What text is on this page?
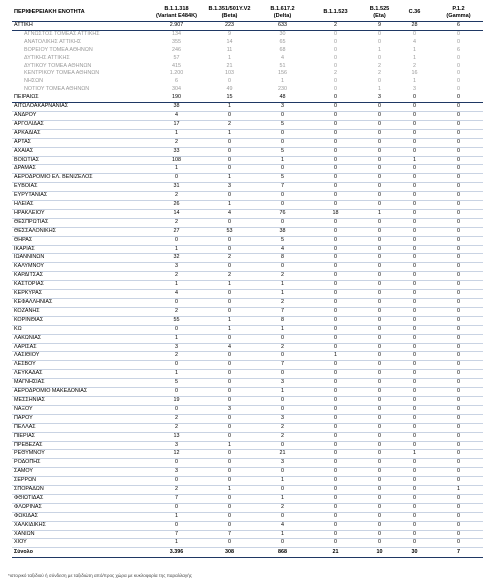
ΠΕΡΙΦΕΡΕΙΑΚΗ ΕΝΟΤΗΤΑ	B.1.1.318
(Variant E484K)	B.1.351/501Y.V2
(Beta)	B.1.617.2
(Delta)	B.1.1.523	B.1.525
(Eta)	C.36	P.1.2
(Gamma)

ΑΤΤΙΚΗ	2.907	223	633	2	9	28	6
ΑΓΝΩΣΤΟΣ ΤΟΜΕΑΣ ΑΤΤΙΚΗΣ	134	9	30	0	0	0	0
ΑΝΑΤΟΛΙΚΗΣ ΑΤΤΙΚΗΣ	355	14	65	0	0	4	0
ΒΟΡΕΙΟΥ ΤΟΜΕΑ ΑΘΗΝΩΝ	246	11	68	0	1	1	6
ΔΥΤΙΚΗΣ ΑΤΤΙΚΗΣ	57	1	4	0	0	1	0
ΔΥΤΙΚΟΥ ΤΟΜΕΑ ΑΘΗΝΩΝ	415	21	51	0	2	2	0
ΚΕΝΤΡΙΚΟΥ ΤΟΜΕΑ ΑΘΗΝΩΝ	1.200	103	156	2	2	16	0
ΝΗΣΩΝ	6	0	1	0	0	1	0
ΝΟΤΙΟΥ ΤΟΜΕΑ ΑΘΗΝΩΝ	304	49	230	0	1	3	0
ΠΕΙΡΑΙΩΣ	190	15	48	0	3	0	0
ΑΙΤΩΛΟΑΚΑΡΝΑΝΙΑΣ	38	1	3	0	0	0	0
ΑΝΔΡΟΥ	4	0	0	0	0	0	0
ΑΡΓΟΛΙΔΑΣ	17	2	5	0	0	0	0
ΑΡΚΑΔΙΑΣ	1	1	0	0	0	0	0
ΑΡΤΑΣ	2	0	0	0	0	0	0
ΑΧΑΪΑΣ	33	0	5	0	0	0	0
ΒΟΙΩΤΙΑΣ	108	0	1	0	0	1	0
ΔΡΑΜΑΣ	1	0	0	0	0	0	0
ΑΕΡΟΔΡΟΜΙΟ ΕΛ. ΒΕΝΙΖΕΛΟΣ	0	1	5	0	0	0	0
ΕΥΒΟΙΑΣ	31	3	7	0	0	0	0
ΕΥΡΥΤΑΝΙΑΣ	2	0	0	0	0	0	0
ΗΛΕΙΑΣ	26	1	0	0	0	0	0
ΗΡΑΚΛΕΙΟΥ	14	4	76	18	1	0	0
ΘΕΣΠΡΩΤΙΑΣ	2	0	0	0	0	0	0
ΘΕΣΣΑΛΟΝΙΚΗΣ	27	53	38	0	0	0	0
ΘΗΡΑΣ	0	0	5	0	0	0	0
ΙΚΑΡΙΑΣ	1	0	4	0	0	0	0
ΙΩΑΝΝΙΝΩΝ	32	2	8	0	0	0	0
ΚΑΛΥΜΝΟΥ	3	0	0	0	0	0	0
ΚΑΡΔΙΤΣΑΣ	2	2	2	0	0	0	0
ΚΑΣΤΟΡΙΑΣ	1	1	1	0	0	0	0
ΚΕΡΚΥΡΑΣ	4	0	1	0	0	0	0
ΚΕΦΑΛΛΗΝΙΑΣ	0	0	2	0	0	0	0
ΚΟΖΑΝΗΣ	2	0	7	0	0	0	0
ΚΟΡΙΝΘΙΑΣ	55	1	8	0	0	0	0
ΚΩ	0	1	1	0	0	0	0
ΛΑΚΩΝΙΑΣ	1	0	0	0	0	0	0
ΛΑΡΙΣΑΣ	3	4	2	0	0	0	0
ΛΑΣΙΘΙΟΥ	2	0	0	1	0	0	0
ΛΕΣΒΟΥ	0	0	7	0	0	0	0
ΛΕΥΚΑΔΑΣ	1	0	0	0	0	0	0
ΜΑΓΝΗΣΙΑΣ	5	0	3	0	0	0	0
ΑΕΡΟΔΡΟΜΙΟ ΜΑΚΕΔΟΝΙΑΣ	0	0	1	0	0	0	0
ΜΕΣΣΗΝΙΑΣ	19	0	0	0	0	0	0
ΝΑΞΟΥ	0	3	0	0	0	0	0
ΠΑΡΟΥ	2	0	3	0	0	0	0
ΠΕΛΛΑΣ	2	0	2	0	0	0	0
ΠΙΕΡΙΑΣ	13	0	2	0	0	0	0
ΠΡΕΒΕΖΑΣ	3	1	0	0	0	0	0
ΡΕΘΥΜΝΟΥ	12	0	21	0	0	1	0
ΡΟΔΟΠΗΣ	0	0	3	0	0	0	0
ΣΑΜΟΥ	3	0	0	0	0	0	0
ΣΕΡΡΩΝ	0	0	1	0	0	0	0
ΣΠΟΡΑΔΩΝ	2	1	0	0	0	0	1
ΦΘΙΩΤΙΔΑΣ	7	0	1	0	0	0	0
ΦΛΩΡΙΝΑΣ	0	0	2	0	0	0	0
ΦΩΚΙΔΑΣ	1	0	0	0	0	0	0
ΧΑΛΚΙΔΙΚΗΣ	0	0	4	0	0	0	0
ΧΑΝΙΩΝ	7	7	1	0	0	0	0
ΧΙΟΥ	1	0	0	0	0	0	0
Σύνολο	3.396	308	868	21	10	30	7
*ιστορικό ταξιδιού ή σύνδεση με ταξιδιώτη από/προς χώρα με κυκλοφορία της παραλλαγής
